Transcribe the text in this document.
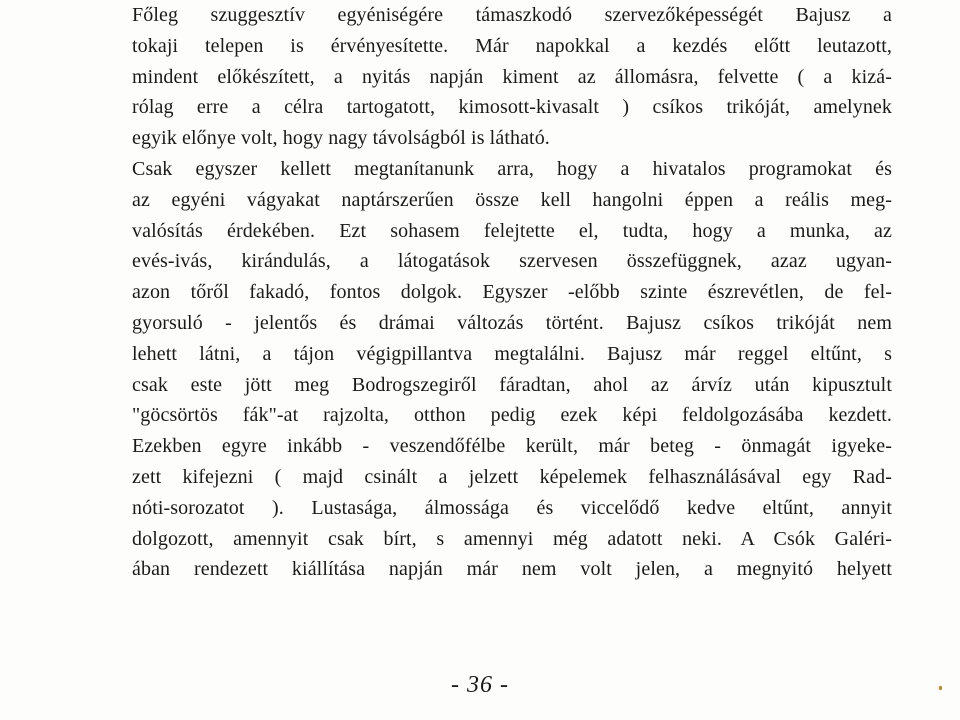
Főleg szuggesztív egyéniségére támaszkodó szervezőképességét Bajusz a
tokaji telepen is érvényesítette. Már napokkal a kezdés előtt leutazott,
mindent előkészített, a nyitás napján kiment az állomásra, felvette ( a kizá-
rólag erre a célra tartogatott, kimosott-kivasalt ) csíkos trikóját, amelynek
egyik előnye volt, hogy nagy távolságból is látható.
Csak egyszer kellett megtanítanunk arra, hogy a hivatalos programokat és
az egyéni vágyakat naptárszerűen össze kell hangolni éppen a reális meg-
valósítás érdekében. Ezt sohasem felejtette el, tudta, hogy a munka, az
evés-ivás, kirándulás, a látogatások szervesen összefüggnek, azaz ugyan-
azon tőről fakadó, fontos dolgok. Egyszer -előbb szinte észrevétlen, de fel-
gyorsuló - jelentős és drámai változás történt. Bajusz csíkos trikóját nem
lehett látni, a tájon végigpillantva megtalálni. Bajusz már reggel eltűnt, s
csak este jött meg Bodrogszegiről fáradtan, ahol az árvíz után kipusztult
"göcsörtös fák"-at rajzolta, otthon pedig ezek képi feldolgozásába kezdett.
Ezekben egyre inkább - veszendőfélbe került, már beteg - önmagát igyeke-
zett kifejezni ( majd csinált a jelzett képelemek felhasználásával egy Rad-
nóti-sorozatot ). Lustasága, álmossága és viccelődő kedve eltűnt, annyit
dolgozott, amennyit csak bírt, s amennyi még adatott neki. A Csók Galéri-
ában rendezett kiállítása napján már nem volt jelen, a megnyitó helyett
- 36 -
